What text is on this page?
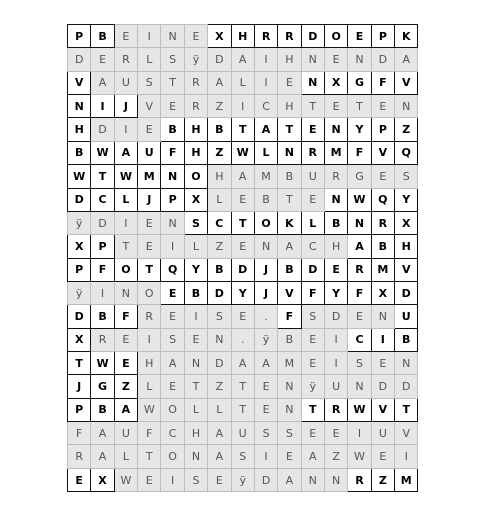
P	B	E	I	N	E	X	H	R	R	D	O	E	P	K
D	E	R	L	S	ÿ	D	A	I	H	N	E	N	D	A
V	A	U	S	T	R	A	L	I	E	N	X	G	F	V
N	I	J	V	E	R	Z	I	C	H	T	E	T	E	N
H	D	I	E	B	H	B	T	A	T	E	N	Y	P	Z
B	W	A	U	F	H	Z	W	L	N	R	M	F	V	Q
W	T	W	M	N	O	H	A	M	B	U	R	G	E	S
D	C	L	J	P	X	L	E	B	T	E	N	W	Q	Y
ÿ	D	I	E	N	S	C	T	O	K	L	B	N	R	X
X	P	T	E	I	L	Z	E	N	A	C	H	A	B	H
P	F	O	T	Q	Y	B	D	J	B	D	E	R	M	V
ÿ	I	N	O	E	B	D	Y	J	V	F	Y	F	X	D
D	B	F	R	E	I	S	E	.	F	S	D	E	N	U
X	R	E	I	S	E	N	.	ÿ	B	E	I	C	I	B
T	W	E	H	A	N	D	A	A	M	E	I	S	E	N
J	G	Z	L	E	T	Z	T	E	N	ÿ	U	N	D	D
P	B	A	W	O	L	L	T	E	N	T	R	W	V	T
F	A	U	F	C	H	A	U	S	S	E	E	I	U	V
R	A	L	T	O	N	A	S	I	E	A	Z	W	E	I
E	X	W	E	I	S	E	ÿ	D	A	N	N	R	Z	M
